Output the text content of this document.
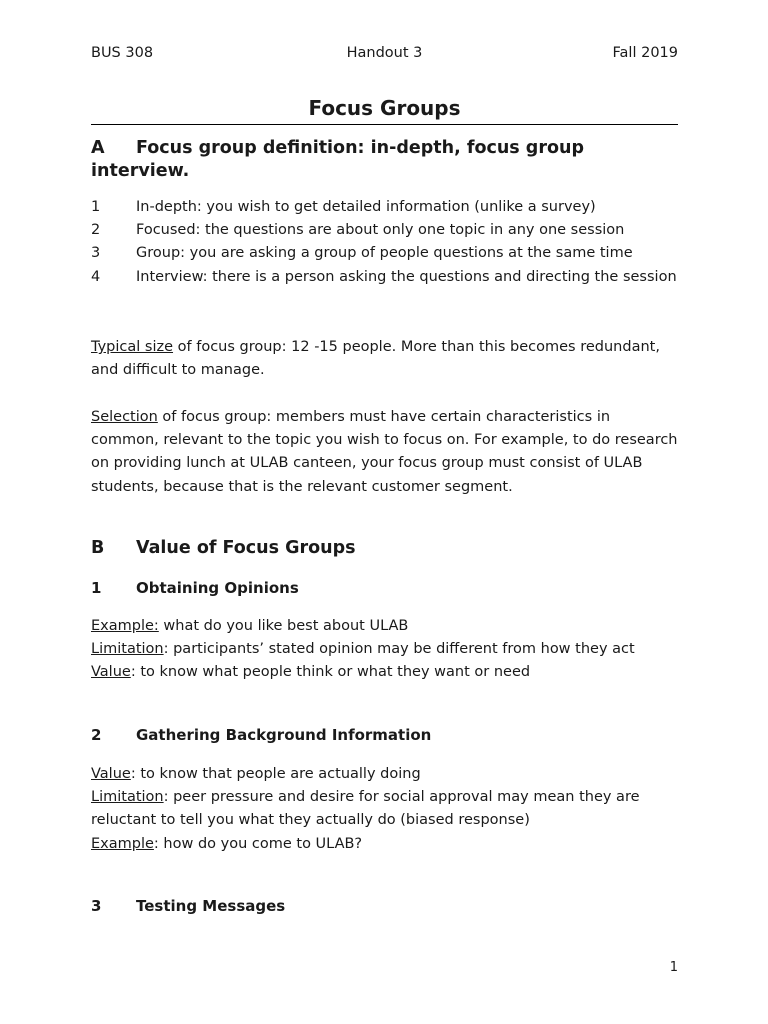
BUS 308	Handout 3	Fall 2019
Focus Groups
A Focus group definition: in-depth, focus group interview.

1 In-depth: you wish to get detailed information (unlike a survey)

2 Focused: the questions are about only one topic in any one session

3 Group: you are asking a group of people questions at the same time

4 Interview: there is a person asking the questions and directing the session

Typical size of focus group: 12 -15 people. More than this becomes redundant, and difficult to manage.

Selection of focus group: members must have certain characteristics in common, relevant to the topic you wish to focus on. For example, to do research on providing lunch at ULAB canteen, your focus group must consist of ULAB students, because that is the relevant customer segment.

B Value of Focus Groups
1 Obtaining Opinions

Example: what do you like best about ULAB

Limitation: participants’ stated opinion may be different from how they act

Value: to know what people think or what they want or need

2 Gathering Background Information

Value: to know that people are actually doing

Limitation: peer pressure and desire for social approval may mean they are reluctant to tell you what they actually do (biased response)

Example: how do you come to ULAB?

3 Testing Messages
1
